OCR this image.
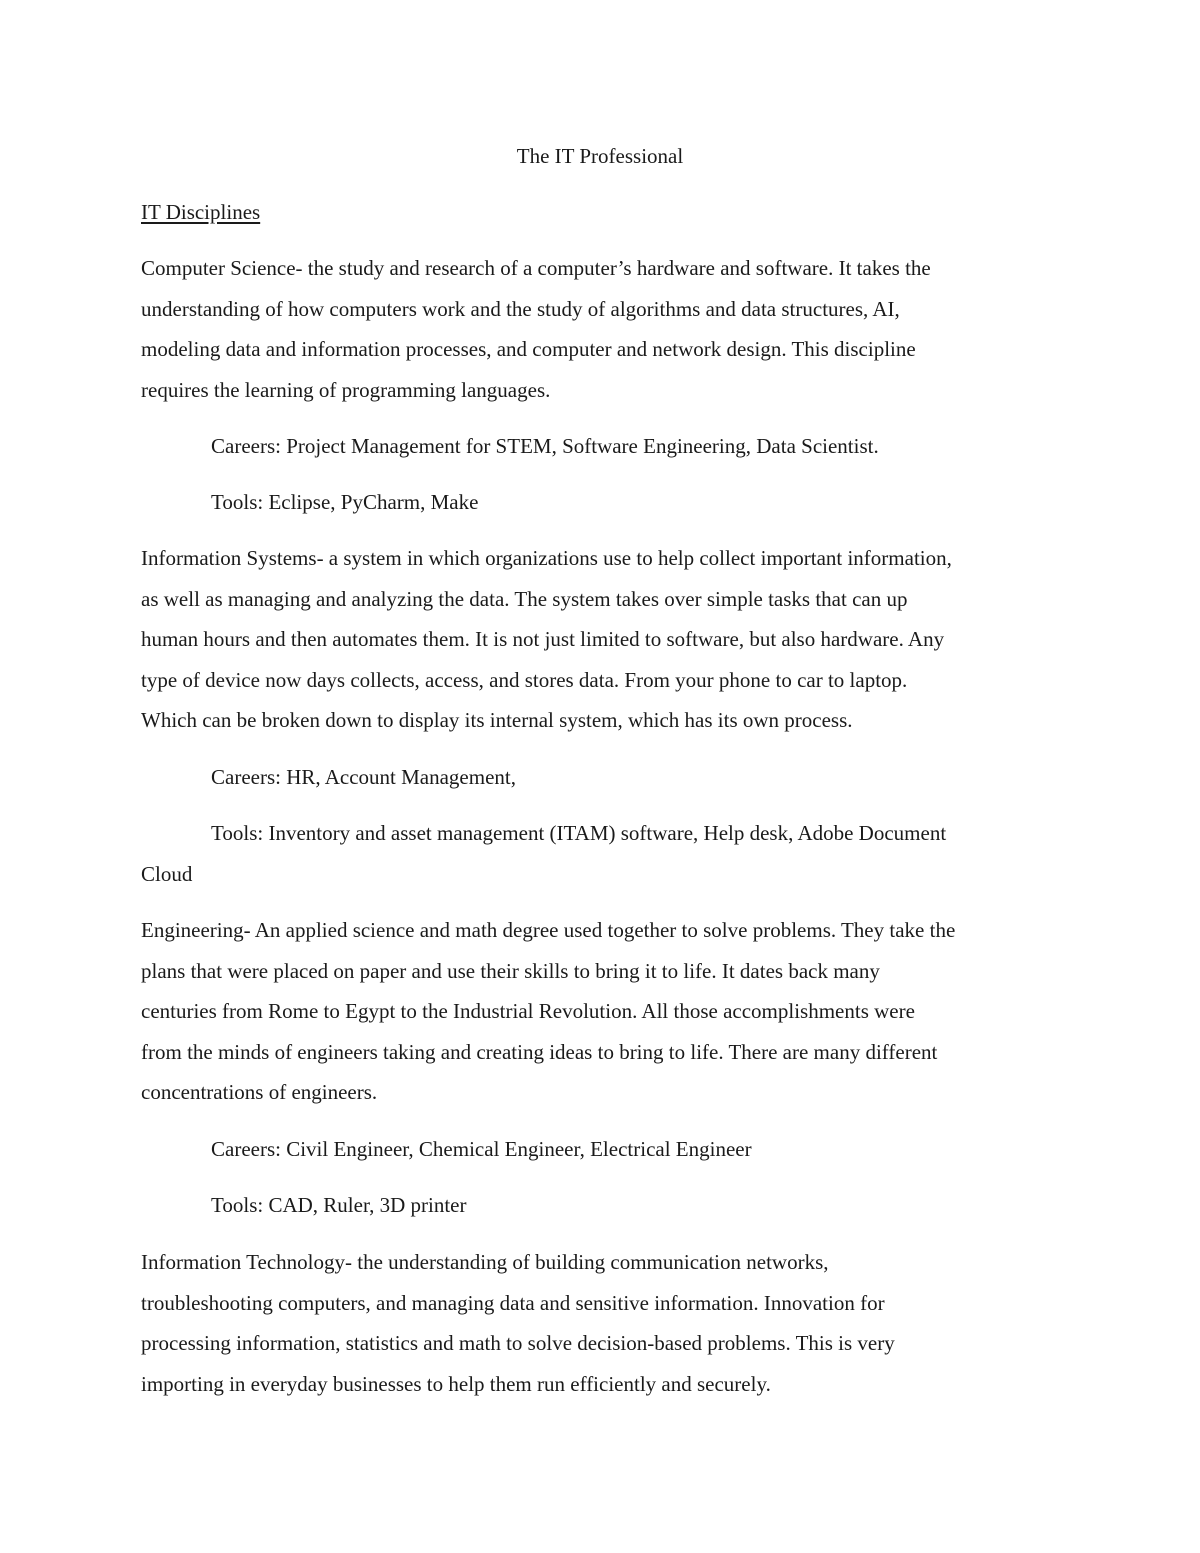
The IT Professional
IT Disciplines

Computer Science- the study and research of a computer’s hardware and software. It takes the
understanding of how computers work and the study of algorithms and data structures, AI,
modeling data and information processes, and computer and network design. This discipline
requires the learning of programming languages.

Careers: Project Management for STEM, Software Engineering, Data Scientist.

Tools: Eclipse, PyCharm, Make

Information Systems- a system in which organizations use to help collect important information,
as well as managing and analyzing the data. The system takes over simple tasks that can up
human hours and then automates them. It is not just limited to software, but also hardware. Any
type of device now days collects, access, and stores data. From your phone to car to laptop.
Which can be broken down to display its internal system, which has its own process.

Careers: HR, Account Management,

Tools: Inventory and asset management (ITAM) software, Help desk, Adobe Document
Cloud

Engineering- An applied science and math degree used together to solve problems. They take the
plans that were placed on paper and use their skills to bring it to life. It dates back many
centuries from Rome to Egypt to the Industrial Revolution. All those accomplishments were
from the minds of engineers taking and creating ideas to bring to life. There are many different
concentrations of engineers.

Careers: Civil Engineer, Chemical Engineer, Electrical Engineer

Tools: CAD, Ruler, 3D printer

Information Technology- the understanding of building communication networks,
troubleshooting computers, and managing data and sensitive information. Innovation for
processing information, statistics and math to solve decision-based problems. This is very
importing in everyday businesses to help them run efficiently and securely.
